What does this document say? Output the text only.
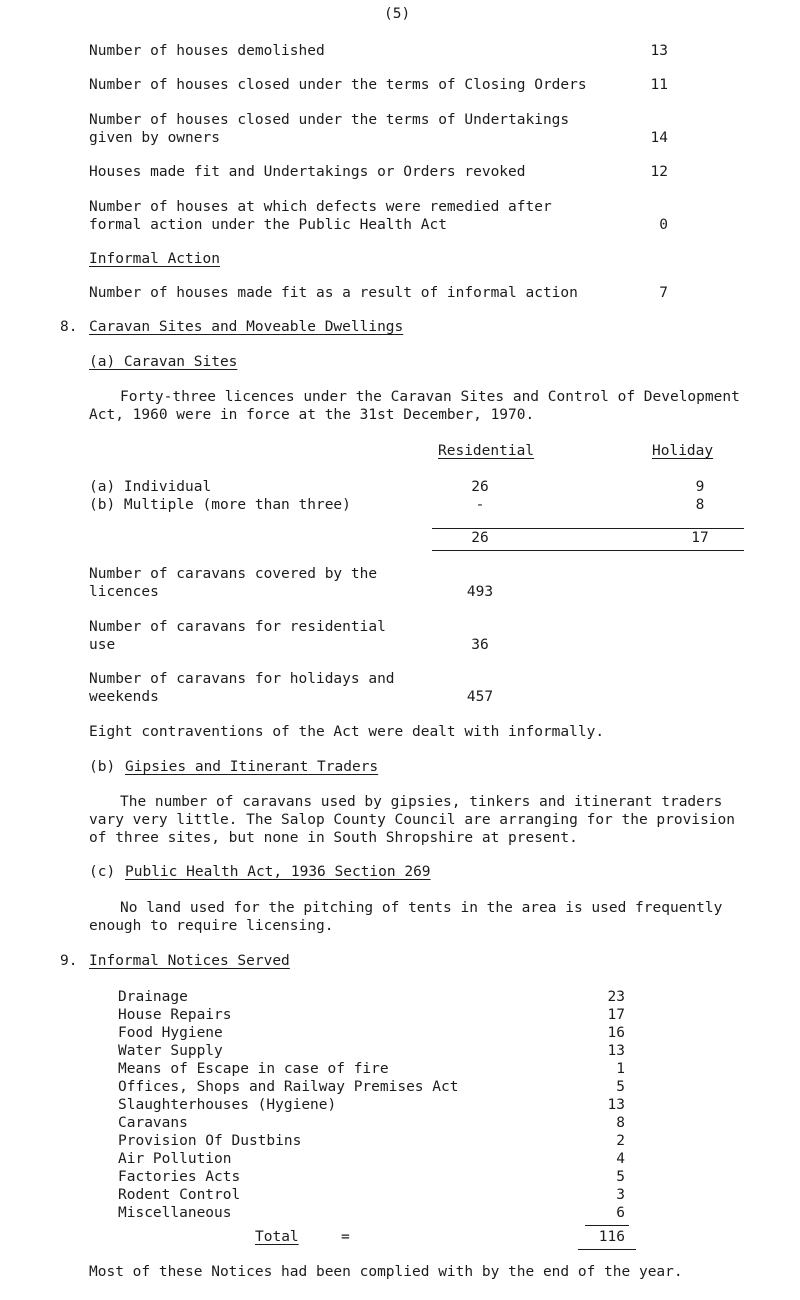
(5)
Number of houses demolished	13
Number of houses closed under the terms of Closing Orders	11
Number of houses closed under the terms of Undertakings
given by owners	14
Houses made fit and Undertakings or Orders revoked	12
Number of houses at which defects were remedied after
formal action under the Public Health Act	0
Informal Action
Number of houses made fit as a result of informal action	7
8. Caravan Sites and Moveable Dwellings
(a) Caravan Sites
Forty-three licences under the Caravan Sites and Control of Development
Act, 1960 were in force at the 31st December, 1970.
Residential	Holiday
(a) Individual	26	9
(b) Multiple (more than three)	-	8
26	17
Number of caravans covered by the
licences	493
Number of caravans for residential
use	36
Number of caravans for holidays and
weekends	457
Eight contraventions of the Act were dealt with informally.
(b) Gipsies and Itinerant Traders
The number of caravans used by gipsies, tinkers and itinerant traders
vary very little. The Salop County Council are arranging for the provision
of three sites, but none in South Shropshire at present.
(c) Public Health Act, 1936 Section 269
No land used for the pitching of tents in the area is used frequently
enough to require licensing.
9. Informal Notices Served
Drainage	23
House Repairs	17
Food Hygiene	16
Water Supply	13
Means of Escape in case of fire	1
Offices, Shops and Railway Premises Act	5
Slaughterhouses (Hygiene)	13
Caravans	8
Provision Of Dustbins	2
Air Pollution	4
Factories Acts	5
Rodent Control	3
Miscellaneous	6
Total	=	116
Most of these Notices had been complied with by the end of the year.
